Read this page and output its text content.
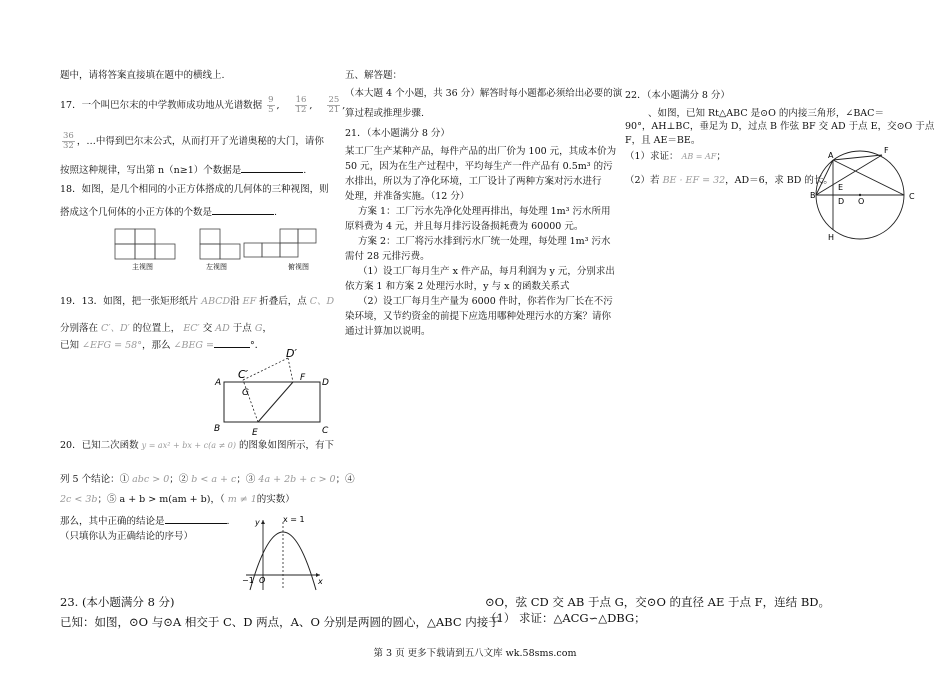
题中，请将答案直接填在题中的横线上.
17．一个叫巴尔末的中学教师成功地从光谱数据 $\frac{9}{5}$ , $\frac{16}{12}$ , $\frac{25}{21}$ ,
$\frac{36}{32}$ ，…中得到巴尔末公式，从而打开了光谱奥秘的大门，请你
按照这种规律，写出第 n（n≥1）个数据是	.
18．如图，是几个相同的小正方体搭成的几何体的三种视图，则
搭成这个几何体的小正方体的个数是	.
主视图	左视图	俯视图
19．13．如图，把一张矩形纸片 ABCD沿 EF 折叠后，点 C、D
分别落在 C′、D′ 的位置上， EC′ 交 AD 于点 G，
已知 ∠EFG = 58°，那么 ∠BEG =	°．
A	D
B	C
E
F
G
C′
D′
20．已知二次函数 y = ax² + bx + c(a ≠ 0) 的图象如图所示，有下
列 5 个结论：① abc > 0；② b < a + c；③ 4a + 2b + c > 0；④
2c < 3b；⑤ a + b > m(am + b)，（ m ≠ 1的实数）
那么，其中正确的结论是	.
（只填你认为正确结论的序号）
x = 1
y
x
O
−1
23. (本小题满分 8 分)
已知：如图，⊙O 与⊙A 相交于 C、D 两点，A、O 分别是两圆的圆心，△ABC 内接于
五、解答题：
（本大题 4 个小题，共 36 分）解答时每小题都必须给出必要的演
算过程或推理步骤.
21．（本小题满分 8 分）
某工厂生产某种产品，每件产品的出厂价为 100 元，其成本价为
50 元，因为在生产过程中，平均每生产一件产品有 0.5m³ 的污
水排出，所以为了净化环境，工厂设计了两种方案对污水进行
处理，并准备实施。（12 分）
方案 1：工厂污水先净化处理再排出，每处理 1m³ 污水所用
原料费为 4 元，并且每月排污设备损耗费为 60000 元。
方案 2：工厂将污水排到污水厂统一处理，每处理 1m³ 污水
需付 28 元排污费。
（1）设工厂每月生产 x 件产品，每月利润为 y 元，分别求出
依方案 1 和方案 2 处理污水时，y 与 x 的函数关系式
（2）设工厂每月生产量为 6000 件时，你若作为厂长在不污
染环境，又节约资金的前提下应选用哪种处理污水的方案？请你
通过计算加以说明。
⊙O，弦 CD 交 AB 于点 G，交⊙O 的直径 AE 于点 F，连结 BD。
（1） 求证：△ACG∽△DBG；
22．（本小题满分 8 分）
、如图，已知 Rt△ABC 是⊙O 的内接三角形，∠BAC＝
90°，AH⊥BC，垂足为 D，过点 B 作弦 BF 交 AD 于点 E，交⊙O 于点
F，且 AE＝BE。
（1）求证： AB = AF；
（2）若 BE · EF = 32，AD＝6，求 BD 的长。
A
F
B
E
D O
C
H
第 3 页 更多下载请到五八文库 wk.58sms.com
